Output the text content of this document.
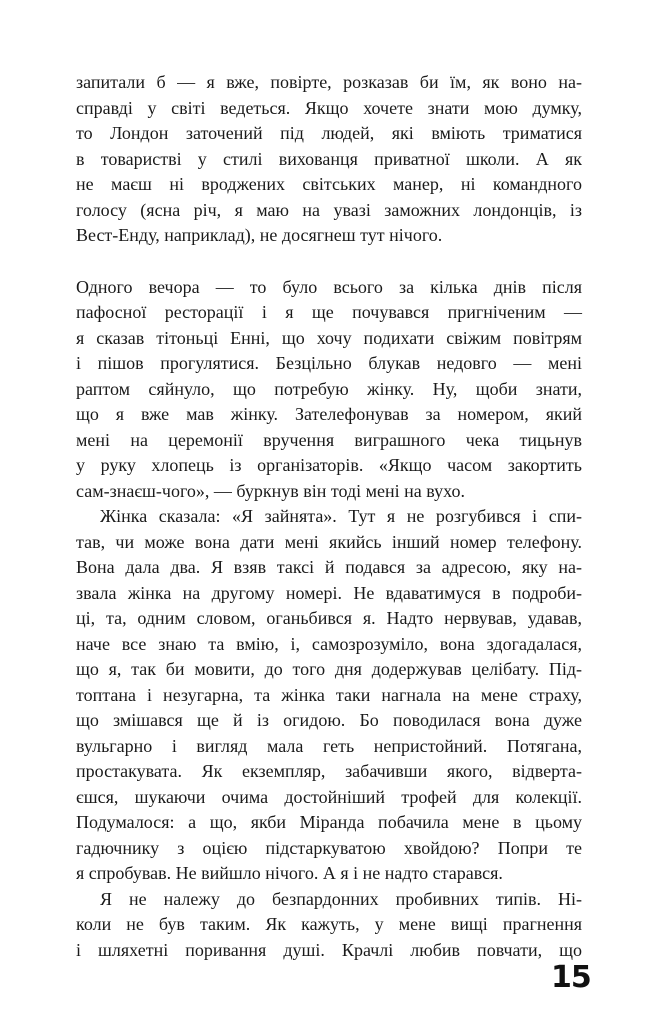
запитали б — я вже, повірте, розказав би їм, як воно на-
справді у світі ведеться. Якщо хочете знати мою думку,
то Лондон заточений під людей, які вміють триматися
в товаристві у стилі вихованця приватної школи. А як
не маєш ні вроджених світських манер, ні командного
голосу (ясна річ, я маю на увазі заможних лондонців, із
Вест-Енду, наприклад), не досягнеш тут нічого.
Одного вечора — то було всього за кілька днів після
пафосної ресторації і я ще почувався пригніченим —
я сказав тітоньці Енні, що хочу подихати свіжим повітрям
і пішов прогулятися. Безцільно блукав недовго — мені
раптом сяйнуло, що потребую жінку. Ну, щоби знати,
що я вже мав жінку. Зателефонував за номером, який
мені на церемонії вручення виграшного чека тицьнув
у руку хлопець із організаторів. «Якщо часом закортить
сам-знаєш-чого», — буркнув він тоді мені на вухо.
Жінка сказала: «Я зайнята». Тут я не розгубився і спи-
тав, чи може вона дати мені якийсь інший номер телефону.
Вона дала два. Я взяв таксі й подався за адресою, яку на-
звала жінка на другому номері. Не вдаватимуся в подроби-
ці, та, одним словом, оганьбився я. Надто нервував, удавав,
наче все знаю та вмію, і, самозрозуміло, вона здогадалася,
що я, так би мовити, до того дня додержував целібату. Під-
топтана і незугарна, та жінка таки нагнала на мене страху,
що змішався ще й із огидою. Бо поводилася вона дуже
вульгарно і вигляд мала геть непристойний. Потягана,
простакувата. Як екземпляр, забачивши якого, відверта-
єшся, шукаючи очима достойніший трофей для колекції.
Подумалося: а що, якби Міранда побачила мене в цьому
гадючнику з оцією підстаркуватою хвойдою? Попри те
я спробував. Не вийшло нічого. А я і не надто старався.
Я не належу до безпардонних пробивних типів. Ні-
коли не був таким. Як кажуть, у мене вищі прагнення
і шляхетні поривання душі. Крачлі любив повчати, що
15
